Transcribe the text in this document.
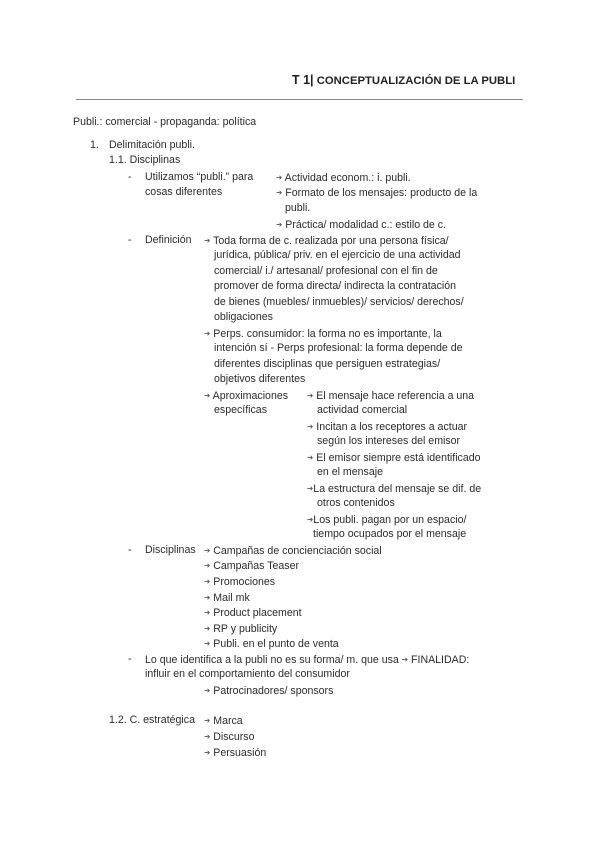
T 1| CONCEPTUALIZACIÓN DE LA PUBLI
Publi.: comercial - propaganda: política
1. Delimitación publi.
1.1. Disciplinas
- Utilizamos “publi.” para
cosas diferentes
➔ Actividad econom.: i. publi.
➔ Formato de los mensajes: producto de la
publi.
➔ Práctica/ modalidad c.: estilo de c.
- Definición ➔ Toda forma de c. realizada por una persona física/
jurídica, pública/ priv. en el ejercicio de una actividad
comercial/ i./ artesanal/ profesional con el fin de
promover de forma directa/ indirecta la contratación
de bienes (muebles/ inmuebles)/ servicios/ derechos/
obligaciones
➔ Perps. consumidor: la forma no es importante, la
intención sí - Perps profesional: la forma depende de
diferentes disciplinas que persiguen estrategias/
objetivos diferentes
➔ Aproximaciones
específicas
➔ El mensaje hace referencia a una
actividad comercial
➔ Incitan a los receptores a actuar
según los intereses del emisor
➔ El emisor siempre está identificado
en el mensaje
➔La estructura del mensaje se dif. de
otros contenidos
➔Los publi. pagan por un espacio/
tiempo ocupados por el mensaje
- Disciplinas ➔ Campañas de concienciación social
➔ Campañas Teaser
➔ Promociones
➔ Mail mk
➔ Product placement
➔ RP y publicity
➔ Publi. en el punto de venta
- Lo que identifica a la publi no es su forma/ m. que usa ➔ FINALIDAD:
influir en el comportamiento del consumidor
➔ Patrocinadores/ sponsors
1.2. C. estratégica ➔ Marca
➔ Discurso
➔ Persuasión
